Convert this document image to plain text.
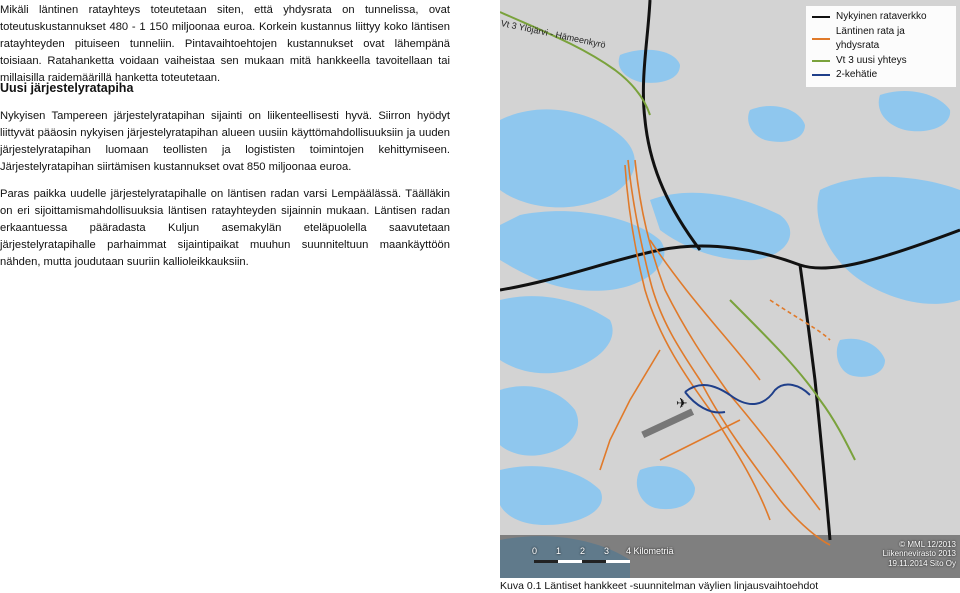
Mikäli läntinen ratayhteys toteutetaan siten, että yhdysrata on tunnelissa, ovat toteutuskustannukset 480 - 1 150 miljoonaa euroa. Korkein kustannus liittyy koko läntisen ratayhteyden pituiseen tunneliin. Pintavaihtoehtojen kustannukset ovat lähempänä toisiaan. Ratahanketta voidaan vaiheistaa sen mukaan mitä hankkeella tavoitellaan tai millaisilla raidemäärillä hanketta toteutetaan.
Uusi järjestelyratapiha
Nykyisen Tampereen järjestelyratapihan sijainti on liikenteellisesti hyvä. Siirron hyödyt liittyvät pääosin nykyisen järjestelyratapihan alueen uusiin käyttömahdollisuuksiin ja uuden järjestelyratapihan luomaan teollisten ja logististen toimintojen kehittymiseen. Järjestelyratapihan siirtämisen kustannukset ovat 850 miljoonaa euroa.
Paras paikka uudelle järjestelyratapihalle on läntisen radan varsi Lempäälässä. Täälläkin on eri sijoittamismahdollisuuksia läntisen ratayhteyden sijainnin mukaan. Läntisen radan erkaantuessa pääradasta Kuljun asemakylän eteläpuolella saavutetaan järjestelyratapihalle parhaimmat sijaintipaikat muuhun suunniteltuun maankäyttöön nähden, mutta joudutaan suuriin kallioleikkauksiin.
✈
Nykyinen rataverkko
Läntinen rata ja yhdysrata
Vt 3 uusi yhteys
2-kehätie
© MML 12/2013
Liikennevirasto 2013
19.11.2014 Sito Oy
Vt 3 Ylöjärvi - Hämeenkyrö
0 1 2 3 4 Kilometriä
Kuva 0.1 Läntiset hankkeet -suunnitelman väylien linjausvaihtoehdot
